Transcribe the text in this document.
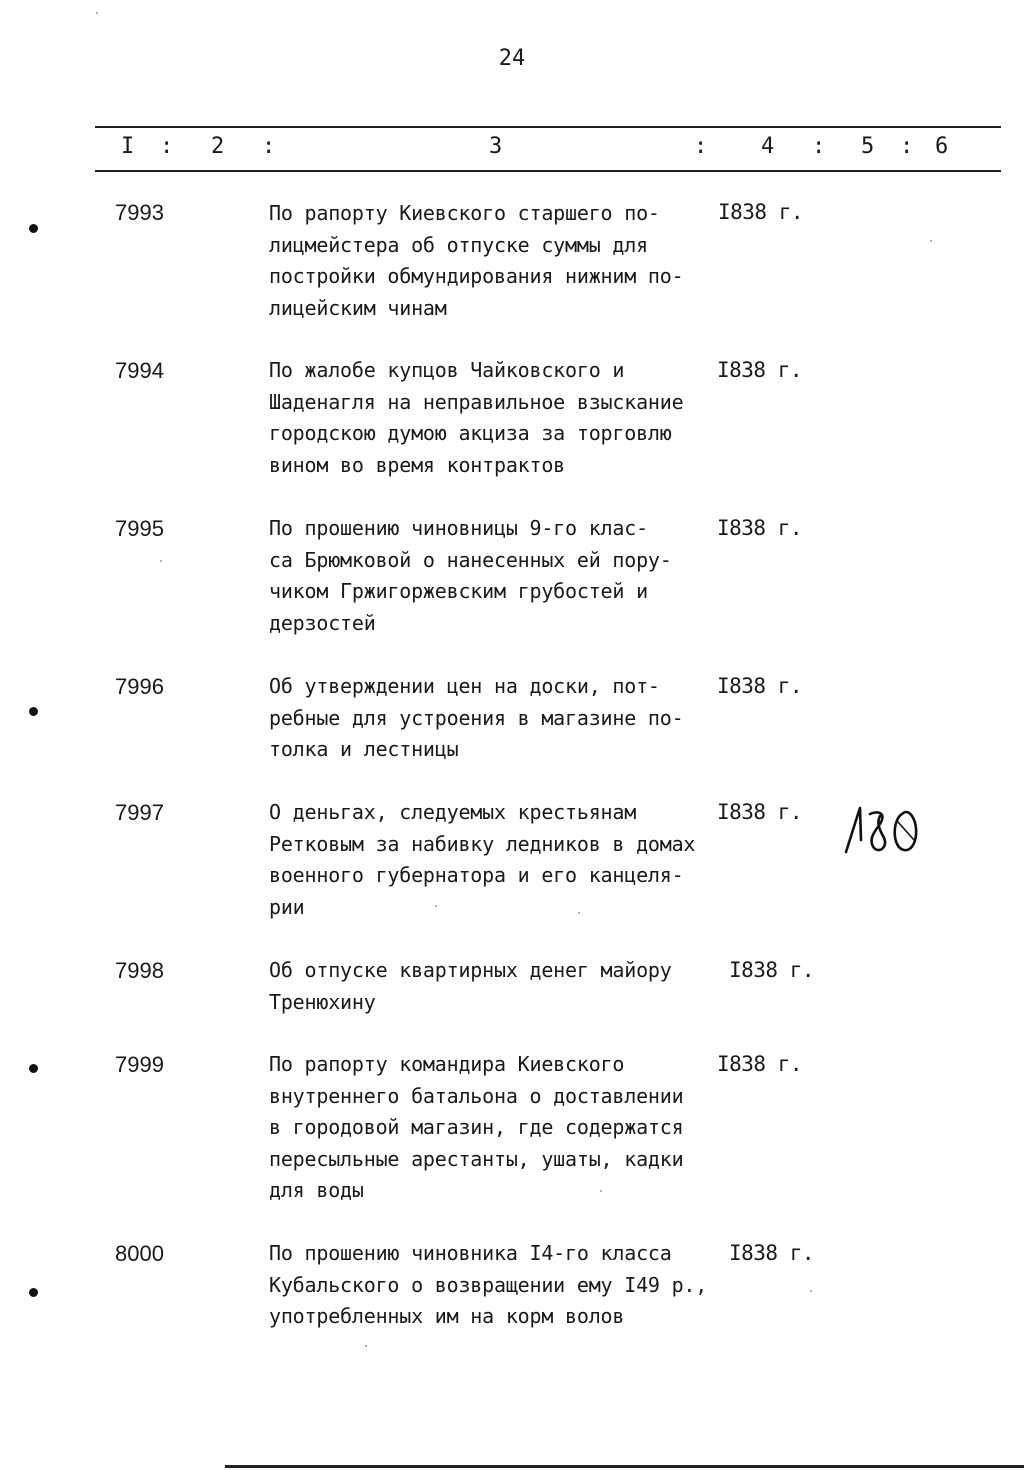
24
I : 2 :	3	: 4 : 5 : 6
7993	По рапорту Киевского старшего по-
лицмейстера об отпуске суммы для
постройки обмундирования нижним по-
лицейским чинам
I838 г.
7994	По жалобе купцов Чайковского и
Шаденагля на неправильное взыскание
городскою думою акциза за торговлю
вином во время контрактов
I838 г.
7995	По прошению чиновницы 9-го клас-
са Брюмковой о нанесенных ей пору-
чиком Гржигоржевским грубостей и
дерзостей
I838 г.
7996	Об утверждении цен на доски, пот-
ребные для устроения в магазине по-
толка и лестницы
I838 г.
7997	О деньгах, следуемых крестьянам
Ретковым за набивку ледников в домах
военного губернатора и его канцеля-
рии
I838 г.
7998	Об отпуске квартирных денег майору
Тренюхину
I838 г.
7999	По рапорту командира Киевского
внутреннего батальона о доставлении
в городовой магазин, где содержатся
пересыльные арестанты, ушаты, кадки
для воды
I838 г.
8000	По прошению чиновника I4-го класса
Кубальского о возвращении ему I49 р.,
употребленных им на корм волов
I838 г.
